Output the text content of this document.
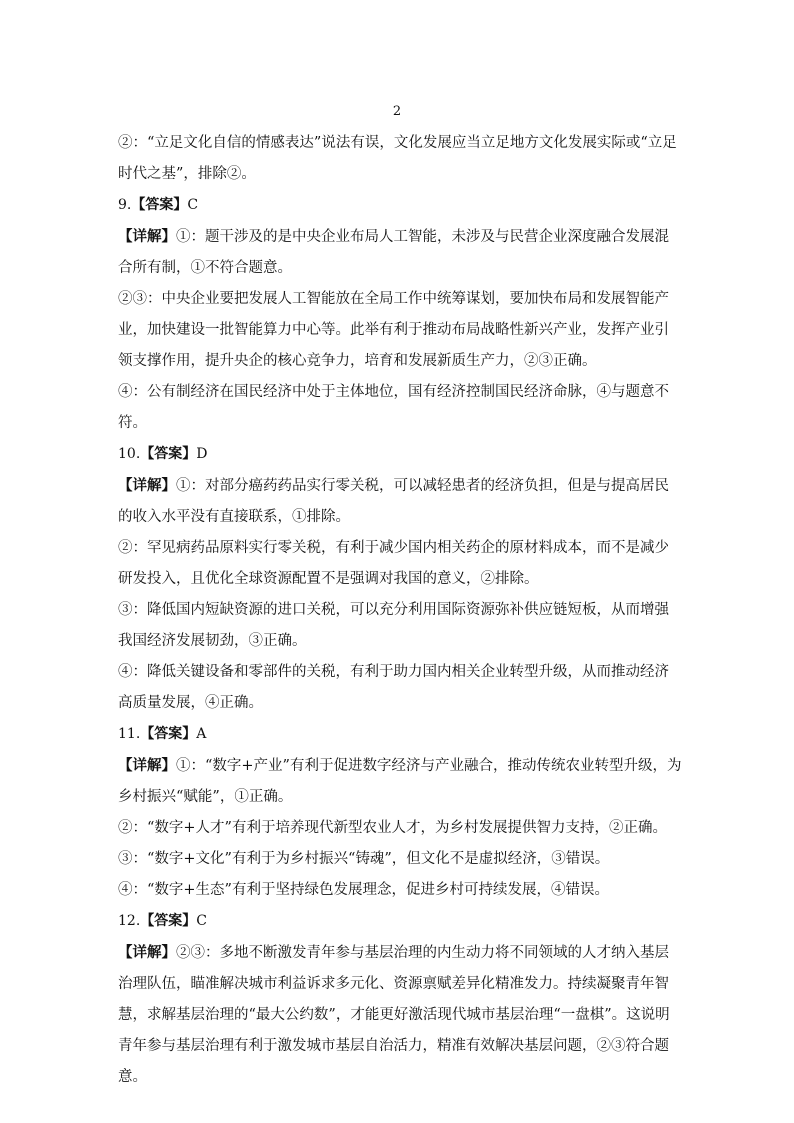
2

②：“立足文化自信的情感表达”说法有误，文化发展应当立足地方文化发展实际或“立足时代之基”，排除②。

9.【答案】C

【详解】①：题干涉及的是中央企业布局人工智能，未涉及与民营企业深度融合发展混合所有制，①不符合题意。

②③：中央企业要把发展人工智能放在全局工作中统筹谋划，要加快布局和发展智能产业，加快建设一批智能算力中心等。此举有利于推动布局战略性新兴产业，发挥产业引领支撑作用，提升央企的核心竞争力，培育和发展新质生产力，②③正确。

④：公有制经济在国民经济中处于主体地位，国有经济控制国民经济命脉，④与题意不符。

10.【答案】D

【详解】①：对部分癌药药品实行零关税，可以减轻患者的经济负担，但是与提高居民的收入水平没有直接联系，①排除。

②：罕见病药品原料实行零关税，有利于减少国内相关药企的原材料成本，而不是减少研发投入，且优化全球资源配置不是强调对我国的意义，②排除。

③：降低国内短缺资源的进口关税，可以充分利用国际资源弥补供应链短板，从而增强我国经济发展韧劲，③正确。

④：降低关键设备和零部件的关税，有利于助力国内相关企业转型升级，从而推动经济高质量发展，④正确。

11.【答案】A

【详解】①：“数字+产业”有利于促进数字经济与产业融合，推动传统农业转型升级，为乡村振兴“赋能”，①正确。

②：“数字+人才”有利于培养现代新型农业人才，为乡村发展提供智力支持，②正确。

③：“数字+文化”有利于为乡村振兴“铸魂”，但文化不是虚拟经济，③错误。

④：“数字+生态”有利于坚持绿色发展理念，促进乡村可持续发展，④错误。

12.【答案】C

【详解】②③：多地不断激发青年参与基层治理的内生动力将不同领域的人才纳入基层治理队伍，瞄准解决城市利益诉求多元化、资源禀赋差异化精准发力。持续凝聚青年智慧，求解基层治理的“最大公约数”，才能更好激活现代城市基层治理“一盘棋”。这说明青年参与基层治理有利于激发城市基层自治活力，精准有效解决基层问题，②③符合题意。
